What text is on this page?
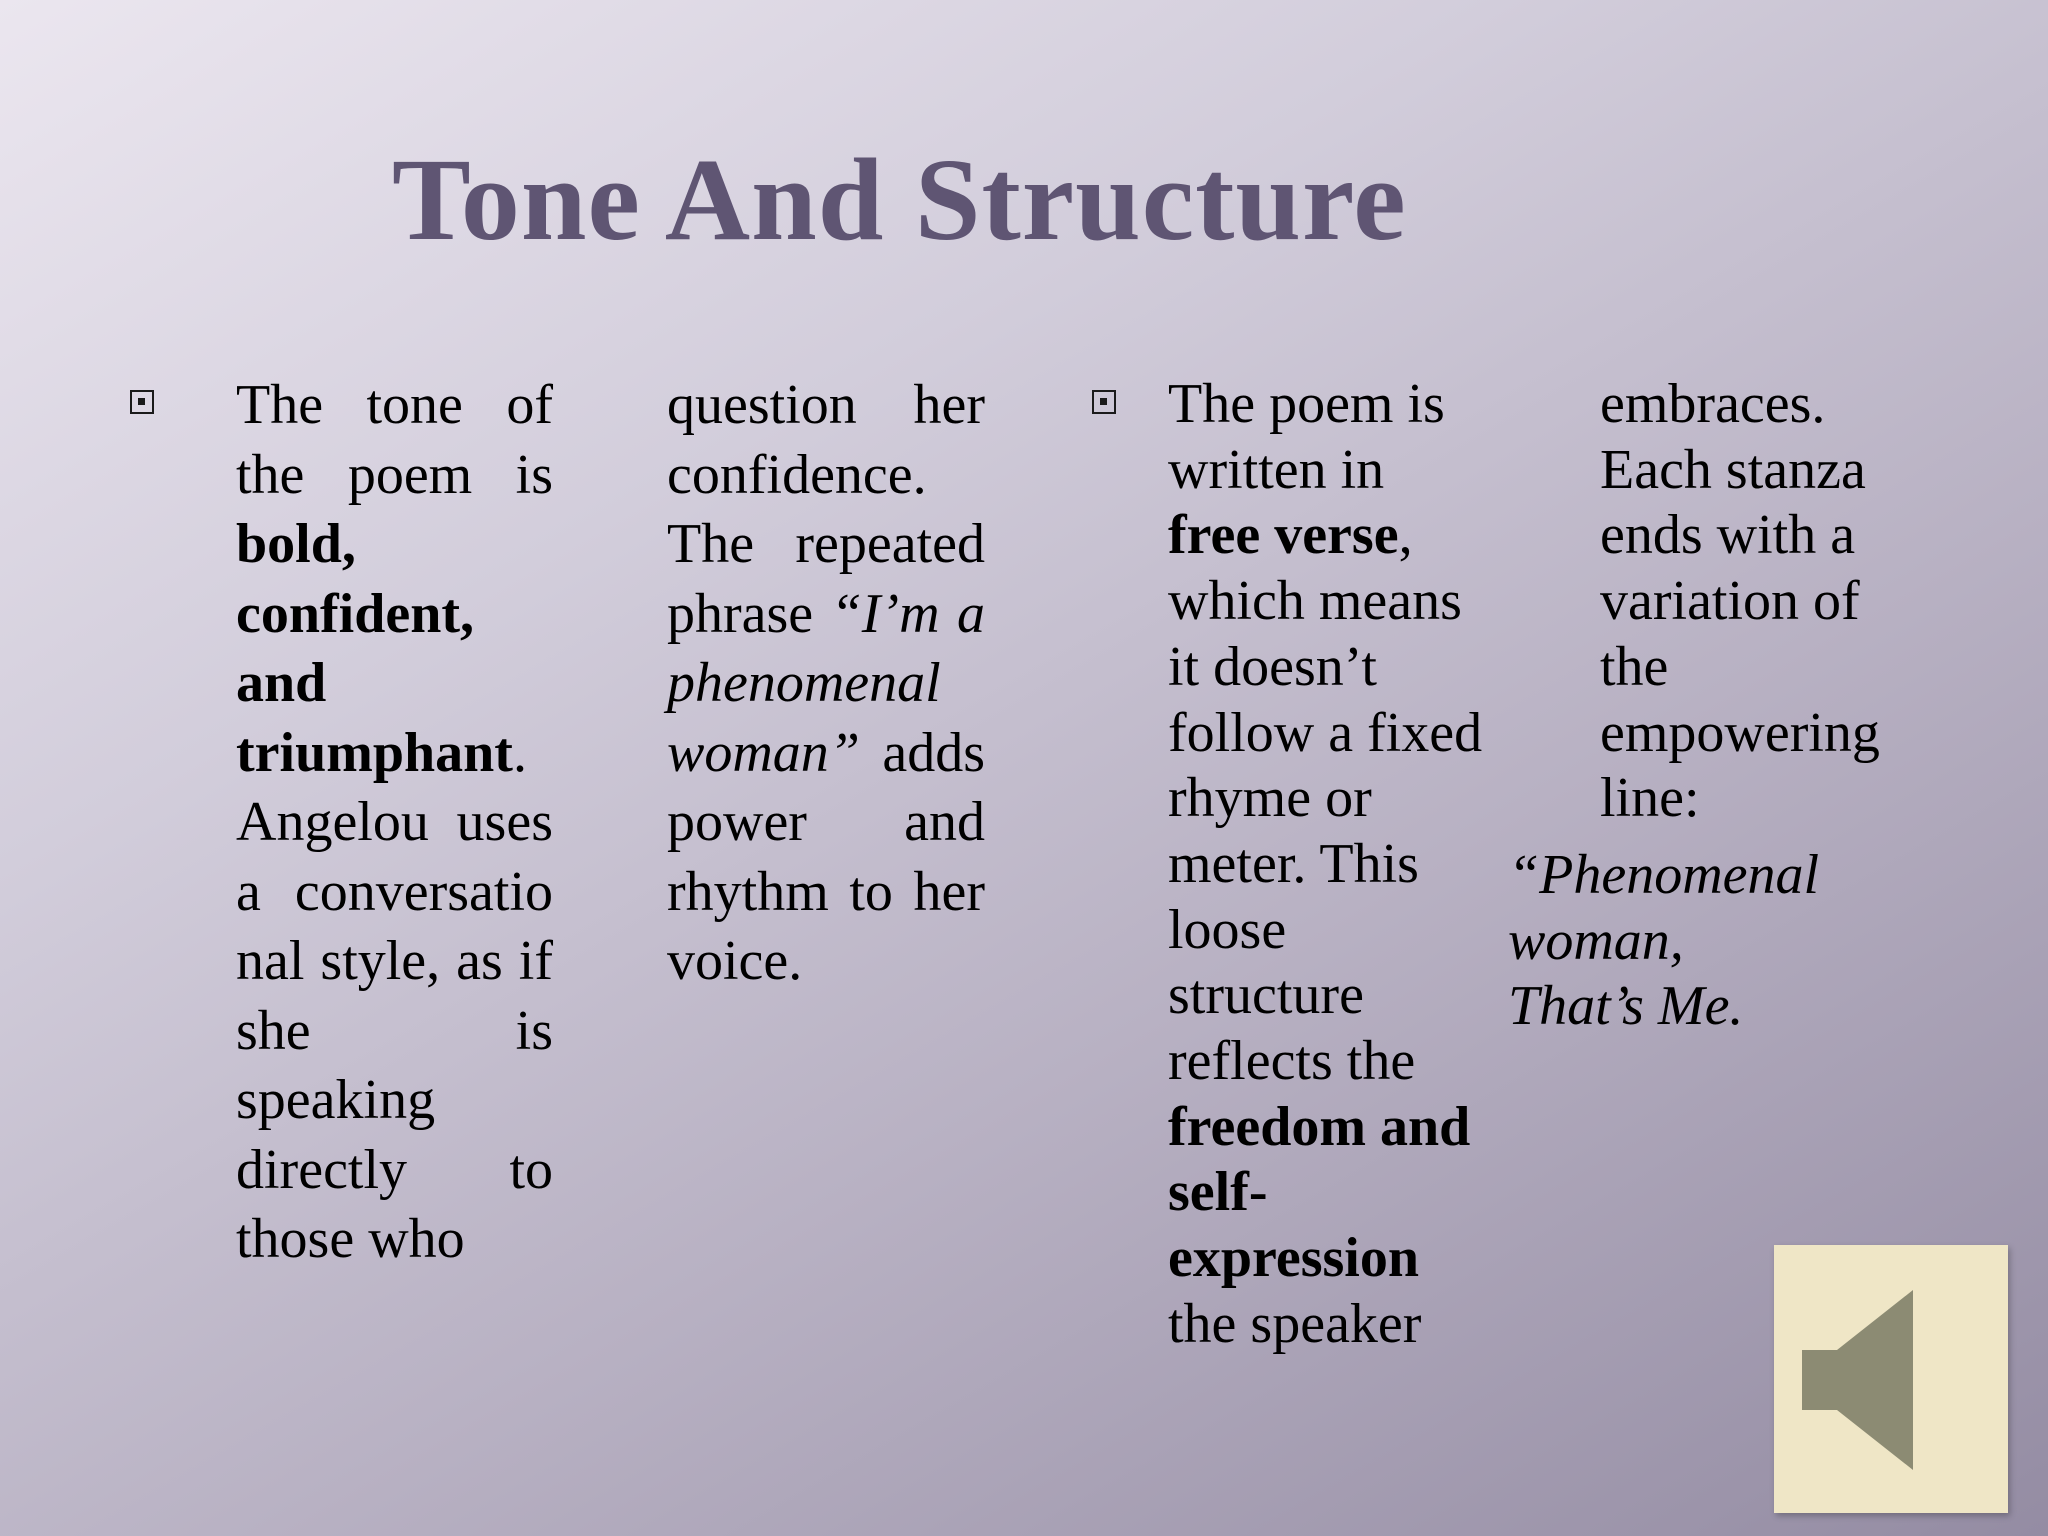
Tone And Structure

The tone of the poem is bold, confident, and triumphant. Angelou uses a conversatio nal style, as if she is speaking directly to those who

question her confidence. The repeated phrase “I’m a phenomenal woman” adds power and rhythm to her voice.

The poem is written in free verse, which means it doesn’t follow a fixed rhyme or meter. This loose structure reflects the freedom and self-expression the speaker

embraces. Each stanza ends with a variation of the empowering line:

“Phenomenal
woman,
That’s Me.
